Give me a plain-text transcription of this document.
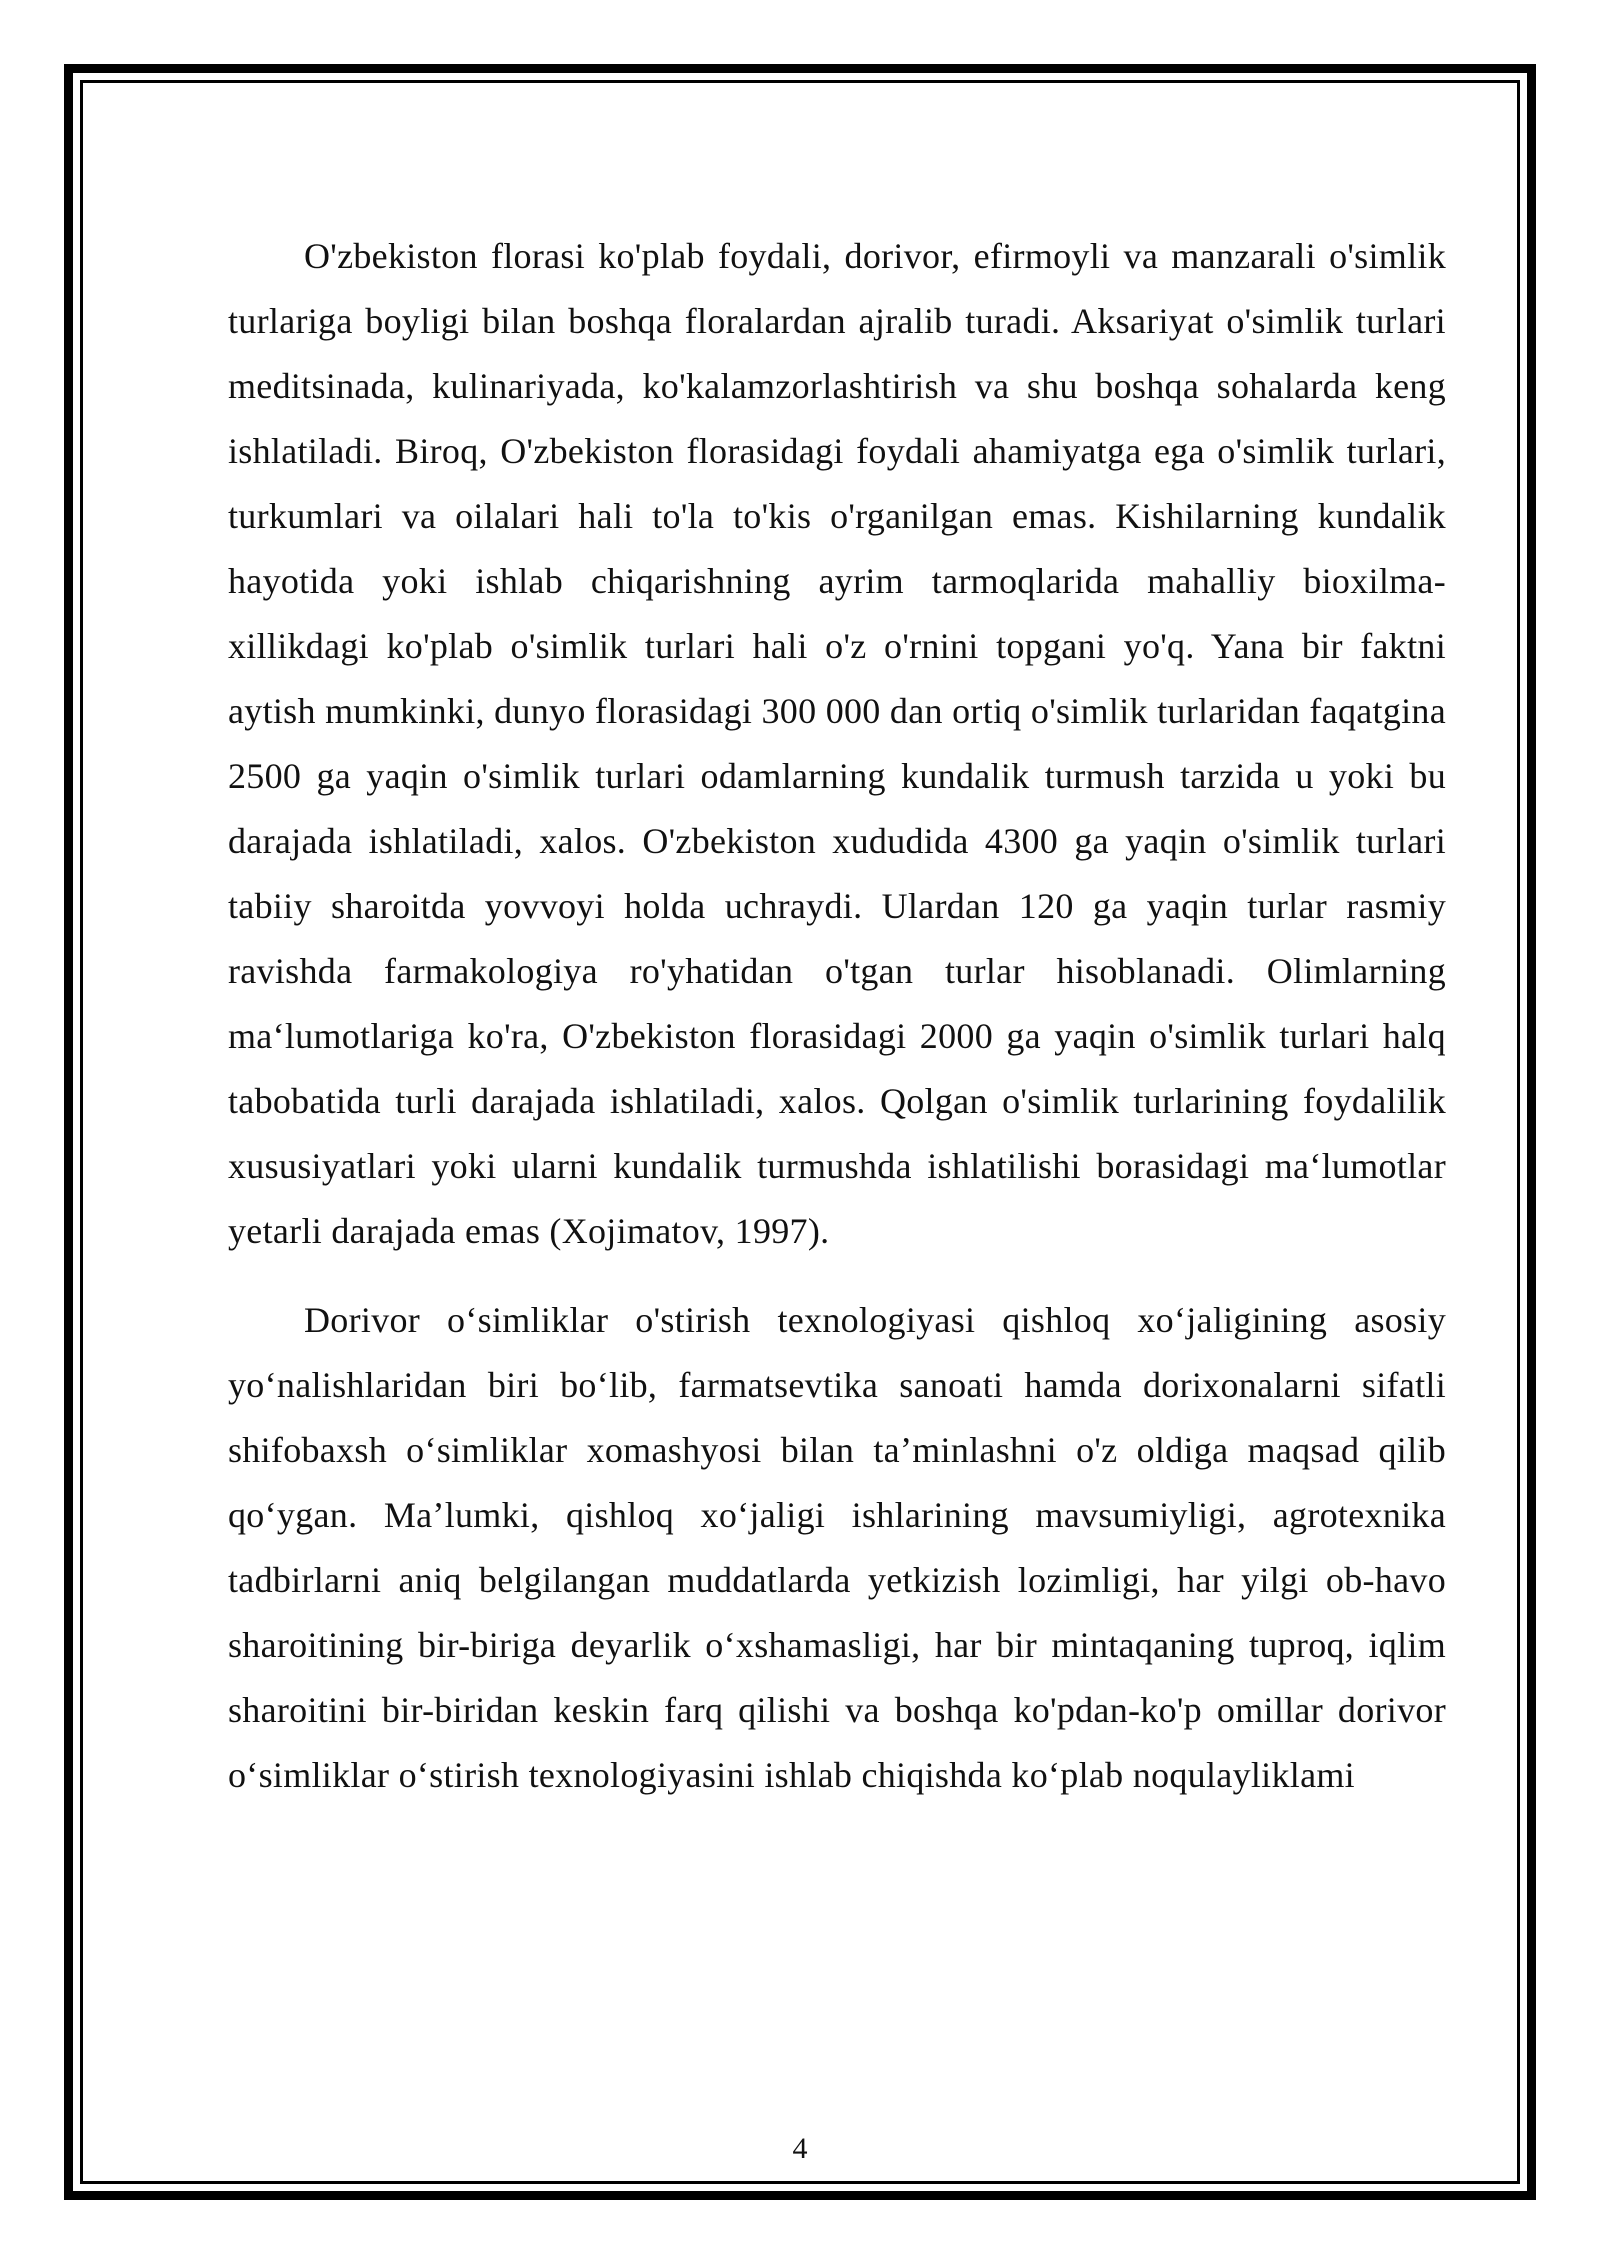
O'zbekiston florasi ko'plab foydali, dorivor, efirmoyli va manzarali o'simlik turlariga boyligi bilan boshqa floralardan ajralib turadi. Aksariyat o'simlik turlari meditsinada, kulinariyada, ko'kalamzorlashtirish va shu boshqa sohalarda keng ishlatiladi. Biroq, O'zbekiston florasidagi foydali ahamiyatga ega o'simlik turlari, turkumlari va oilalari hali to'la to'kis o'rganilgan emas. Kishilarning kundalik hayotida yoki ishlab chiqarishning ayrim tarmoqlarida mahalliy bioxilma-xillikdagi ko'plab o'simlik turlari hali o'z o'rnini topgani yo'q. Yana bir faktni aytish mumkinki, dunyo florasidagi 300 000 dan ortiq o'simlik turlaridan faqatgina 2500 ga yaqin o'simlik turlari odamlarning kundalik turmush tarzida u yoki bu darajada ishlatiladi, xalos. O'zbekiston xududida 4300 ga yaqin o'simlik turlari tabiiy sharoitda yovvoyi holda uchraydi. Ulardan 120 ga yaqin turlar rasmiy ravishda farmakologiya ro'yhatidan o'tgan turlar hisoblanadi. Olimlarning maʻlumotlariga ko'ra, O'zbekiston florasidagi 2000 ga yaqin o'simlik turlari halq tabobatida turli darajada ishlatiladi, xalos. Qolgan o'simlik turlarining foydalilik xususiyatlari yoki ularni kundalik turmushda ishlatilishi borasidagi maʻlumotlar yetarli darajada emas (Xojimatov, 1997).

Dorivor oʻsimliklar o'stirish texnologiyasi qishloq xoʻjaligining asosiy yoʻnalishlaridan biri boʻlib, farmatsevtika sanoati hamda dorixonalarni sifatli shifobaxsh oʻsimliklar xomashyosi bilan taʼminlashni o'z oldiga maqsad qilib qoʻygan. Maʼlumki, qishloq xoʻjaligi ishlarining mavsumiyligi, agrotexnika tadbirlarni aniq belgilangan muddatlarda yetkizish lozimligi, har yilgi ob-havo sharoitining bir-biriga deyarlik oʻxshamasligi, har bir mintaqaning tuproq, iqlim sharoitini bir-biridan keskin farq qilishi va boshqa ko'pdan-ko'p omillar dorivor oʻsimliklar oʻstirish texnologiyasini ishlab chiqishda koʻplab noqulayliklami

4
